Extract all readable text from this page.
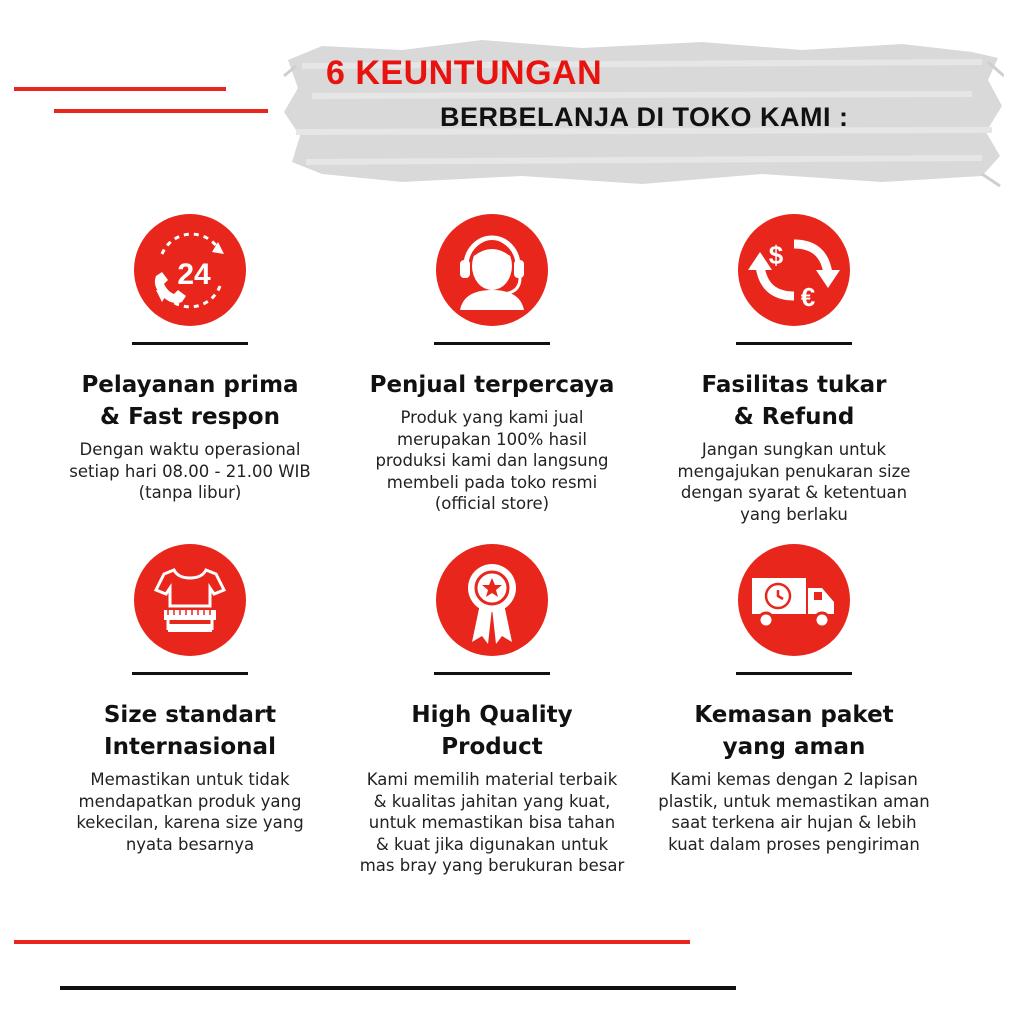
6 KEUNTUNGAN
BERBELANJA DI TOKO KAMI :
24
Pelayanan prima
& Fast respon
Dengan waktu operasional
setiap hari 08.00 - 21.00 WIB
(tanpa libur)
Penjual terpercaya
Produk yang kami jual
merupakan 100% hasil
produksi kami dan langsung
membeli pada toko resmi
(official store)
$
€
Fasilitas tukar
& Refund
Jangan sungkan untuk
mengajukan penukaran size
dengan syarat & ketentuan
yang berlaku
Size standart
Internasional
Memastikan untuk tidak
mendapatkan produk yang
kekecilan, karena size yang
nyata besarnya
High Quality
Product
Kami memilih material terbaik
& kualitas jahitan yang kuat,
untuk memastikan bisa tahan
& kuat jika digunakan untuk
mas bray yang berukuran besar
Kemasan paket
yang aman
Kami kemas dengan 2 lapisan
plastik, untuk memastikan aman
saat terkena air hujan & lebih
kuat dalam proses pengiriman
